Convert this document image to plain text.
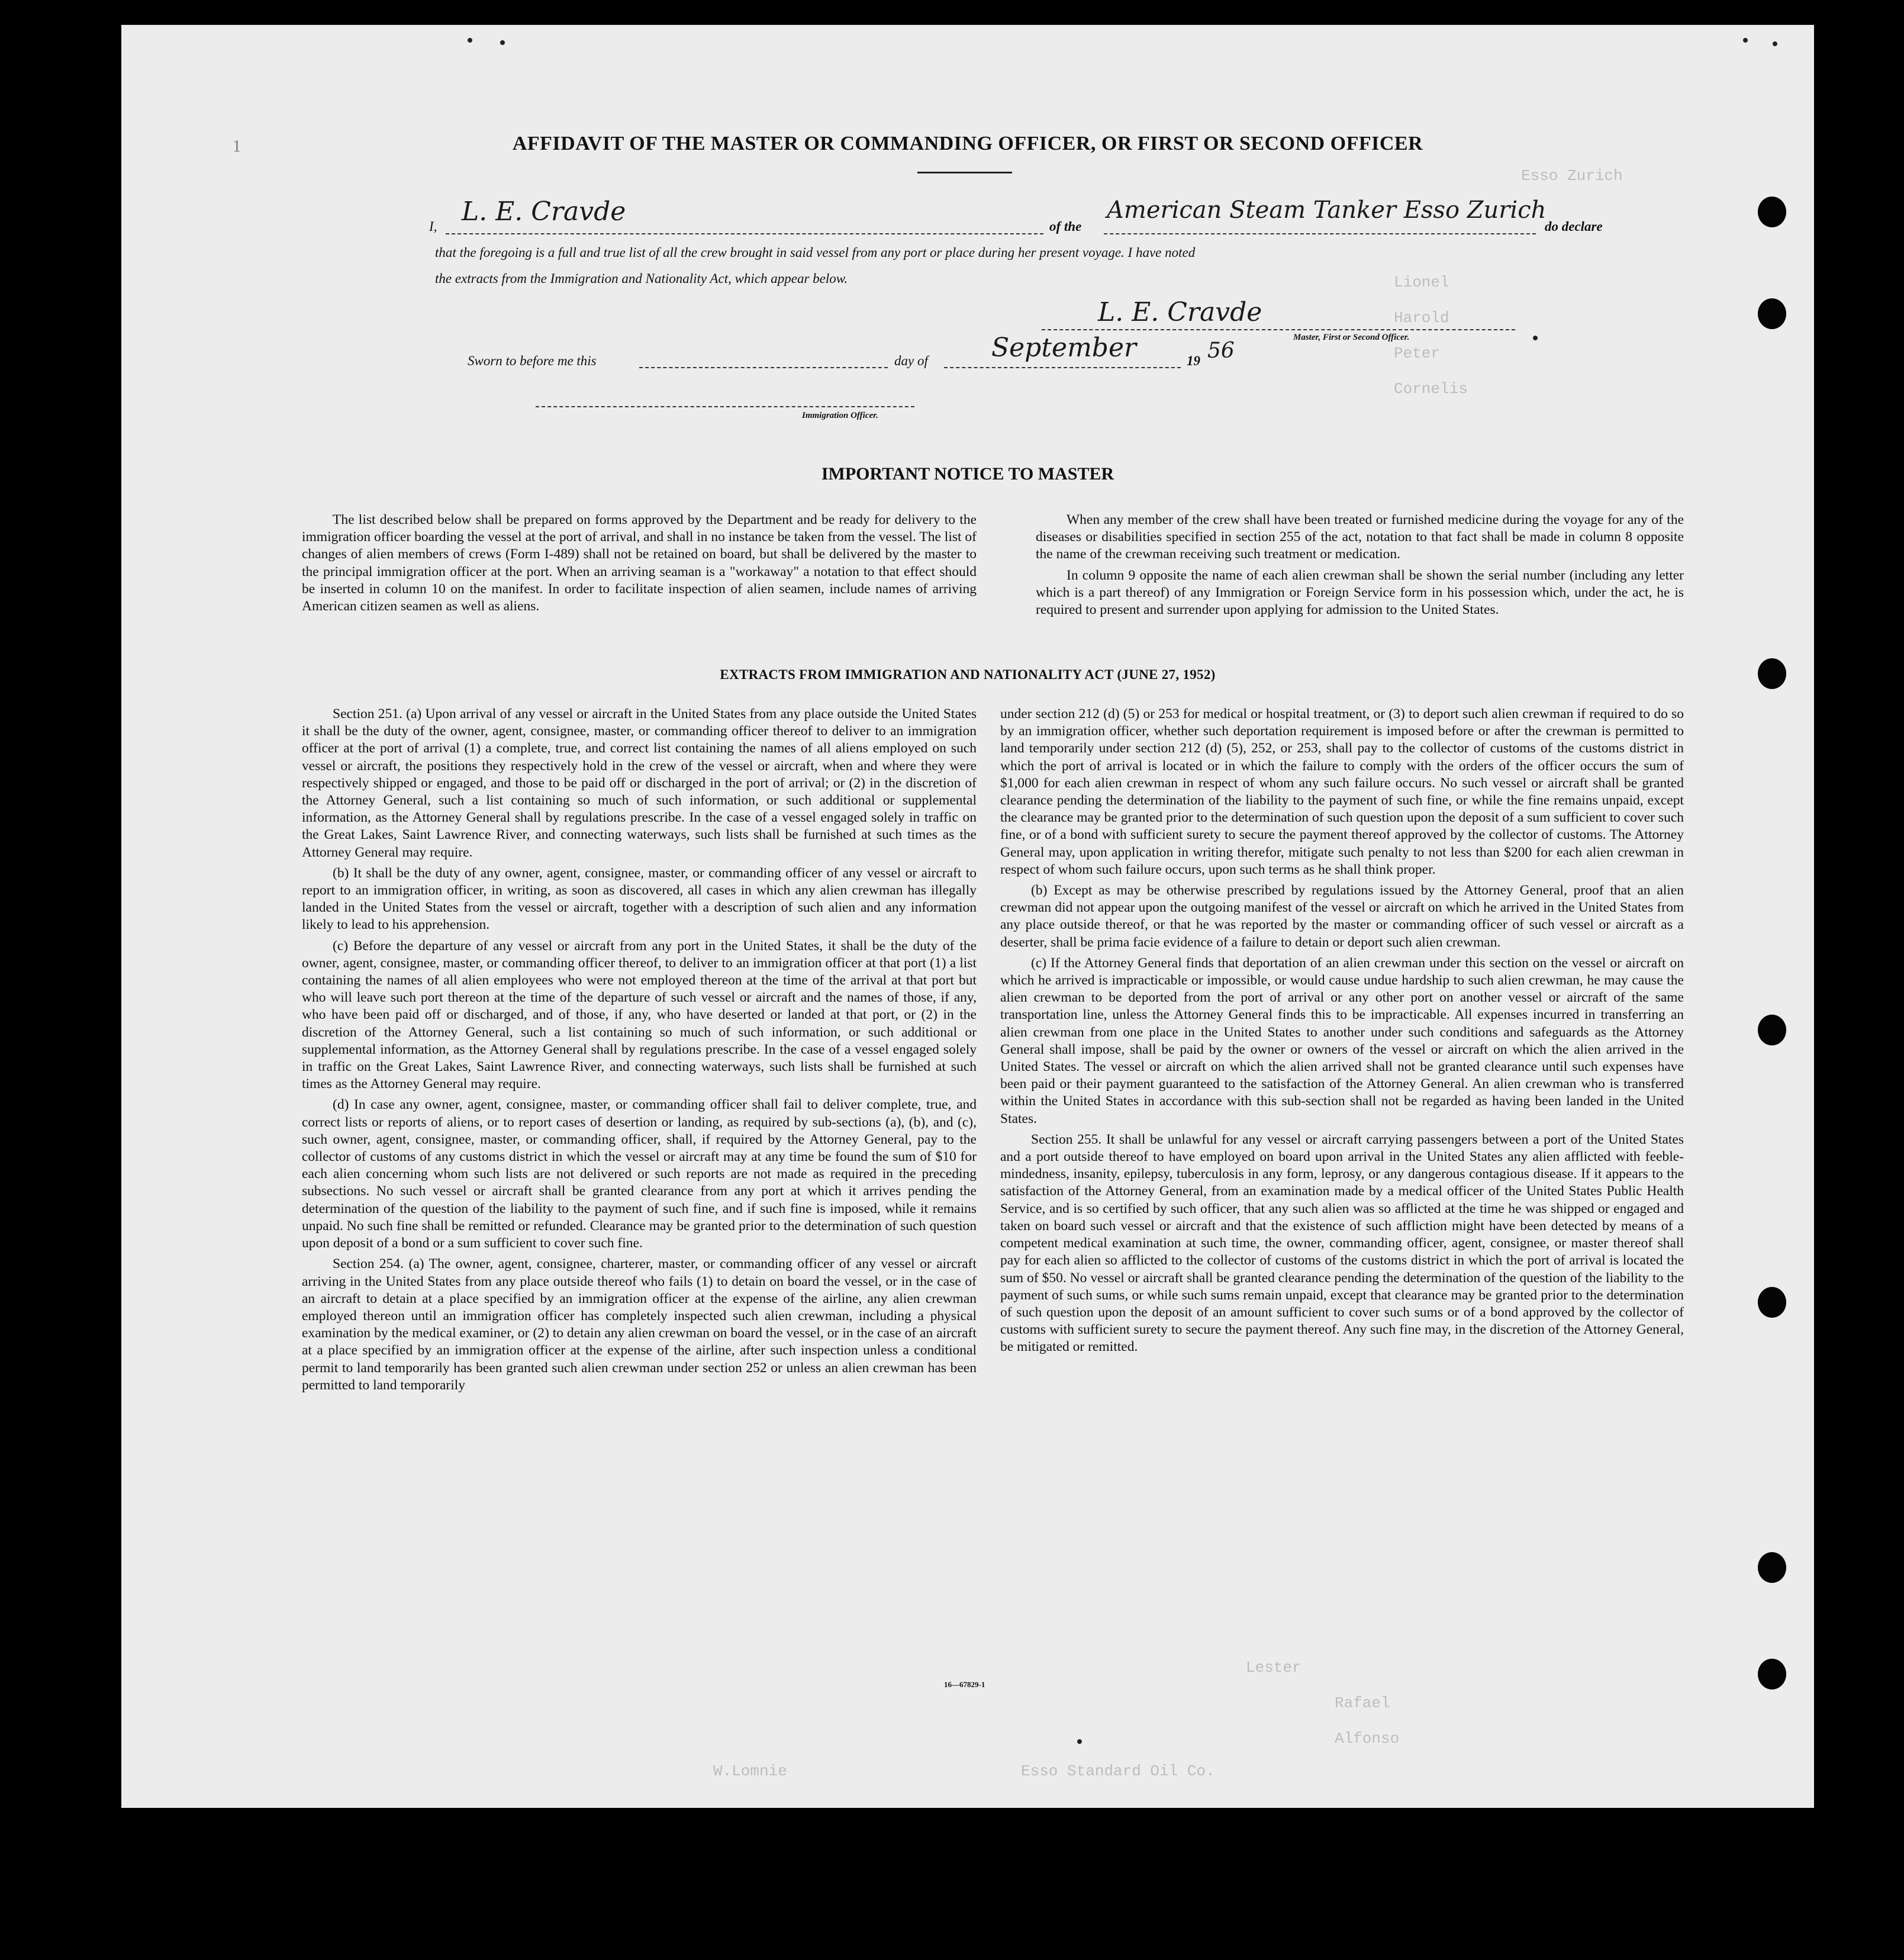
1
Esso Zurich
Lionel
Harold
Peter
Cornelis
Lester
Rafael
Alfonso
W.Lomnie	Esso Standard Oil Co.
AFFIDAVIT OF THE MASTER OR COMMANDING OFFICER, OR FIRST OR SECOND OFFICER
I, L. E. Cravde	of the
American Steam Tanker Esso Zurich
do declare
that the foregoing is a full and true list of all the crew brought in said vessel from any port or place during her present voyage. I have noted
the extracts from the Immigration and Nationality Act, which appear below.
L. E. Cravde
Master, First or Second Officer.
Sworn to before me this	day of September	19 56
Immigration Officer.
IMPORTANT NOTICE TO MASTER

The list described below shall be prepared on forms approved by the Department and be ready for delivery to the immigration officer boarding the vessel at the port of arrival, and shall in no instance be taken from the vessel. The list of changes of alien members of crews (Form I-489) shall not be retained on board, but shall be delivered by the master to the principal immigration officer at the port. When an arriving seaman is a "workaway" a notation to that effect should be inserted in column 10 on the manifest. In order to facilitate inspection of alien seamen, include names of arriving American citizen seamen as well as aliens.

When any member of the crew shall have been treated or furnished medicine during the voyage for any of the diseases or disabilities specified in section 255 of the act, notation to that fact shall be made in column 8 opposite the name of the crewman receiving such treatment or medication.

In column 9 opposite the name of each alien crewman shall be shown the serial number (including any letter which is a part thereof) of any Immigration or Foreign Service form in his possession which, under the act, he is required to present and surrender upon applying for admission to the United States.

EXTRACTS FROM IMMIGRATION AND NATIONALITY ACT (JUNE 27, 1952)

Section 251. (a) Upon arrival of any vessel or aircraft in the United States from any place outside the United States it shall be the duty of the owner, agent, consignee, master, or commanding officer thereof to deliver to an immigration officer at the port of arrival (1) a complete, true, and correct list containing the names of all aliens employed on such vessel or aircraft, the positions they respectively hold in the crew of the vessel or aircraft, when and where they were respectively shipped or engaged, and those to be paid off or discharged in the port of arrival; or (2) in the discretion of the Attorney General, such a list containing so much of such information, or such additional or supplemental information, as the Attorney General shall by regulations prescribe. In the case of a vessel engaged solely in traffic on the Great Lakes, Saint Lawrence River, and connecting waterways, such lists shall be furnished at such times as the Attorney General may require.

(b) It shall be the duty of any owner, agent, consignee, master, or commanding officer of any vessel or aircraft to report to an immigration officer, in writing, as soon as discovered, all cases in which any alien crewman has illegally landed in the United States from the vessel or aircraft, together with a description of such alien and any information likely to lead to his apprehension.

(c) Before the departure of any vessel or aircraft from any port in the United States, it shall be the duty of the owner, agent, consignee, master, or commanding officer thereof, to deliver to an immigration officer at that port (1) a list containing the names of all alien employees who were not employed thereon at the time of the arrival at that port but who will leave such port thereon at the time of the departure of such vessel or aircraft and the names of those, if any, who have been paid off or discharged, and of those, if any, who have deserted or landed at that port, or (2) in the discretion of the Attorney General, such a list containing so much of such information, or such additional or supplemental information, as the Attorney General shall by regulations prescribe. In the case of a vessel engaged solely in traffic on the Great Lakes, Saint Lawrence River, and connecting waterways, such lists shall be furnished at such times as the Attorney General may require.

(d) In case any owner, agent, consignee, master, or commanding officer shall fail to deliver complete, true, and correct lists or reports of aliens, or to report cases of desertion or landing, as required by sub-sections (a), (b), and (c), such owner, agent, consignee, master, or commanding officer, shall, if required by the Attorney General, pay to the collector of customs of any customs district in which the vessel or aircraft may at any time be found the sum of $10 for each alien concerning whom such lists are not delivered or such reports are not made as required in the preceding subsections. No such vessel or aircraft shall be granted clearance from any port at which it arrives pending the determination of the question of the liability to the payment of such fine, and if such fine is imposed, while it remains unpaid. No such fine shall be remitted or refunded. Clearance may be granted prior to the determination of such question upon deposit of a bond or a sum sufficient to cover such fine.

Section 254. (a) The owner, agent, consignee, charterer, master, or commanding officer of any vessel or aircraft arriving in the United States from any place outside thereof who fails (1) to detain on board the vessel, or in the case of an aircraft to detain at a place specified by an immigration officer at the expense of the airline, any alien crewman employed thereon until an immigration officer has completely inspected such alien crewman, including a physical examination by the medical examiner, or (2) to detain any alien crewman on board the vessel, or in the case of an aircraft at a place specified by an immigration officer at the expense of the airline, after such inspection unless a conditional permit to land temporarily has been granted such alien crewman under section 252 or unless an alien crewman has been permitted to land temporarily

under section 212 (d) (5) or 253 for medical or hospital treatment, or (3) to deport such alien crewman if required to do so by an immigration officer, whether such deportation requirement is imposed before or after the crewman is permitted to land temporarily under section 212 (d) (5), 252, or 253, shall pay to the collector of customs of the customs district in which the port of arrival is located or in which the failure to comply with the orders of the officer occurs the sum of $1,000 for each alien crewman in respect of whom any such failure occurs. No such vessel or aircraft shall be granted clearance pending the determination of the liability to the payment of such fine, or while the fine remains unpaid, except the clearance may be granted prior to the determination of such question upon the deposit of a sum sufficient to cover such fine, or of a bond with sufficient surety to secure the payment thereof approved by the collector of customs. The Attorney General may, upon application in writing therefor, mitigate such penalty to not less than $200 for each alien crewman in respect of whom such failure occurs, upon such terms as he shall think proper.

(b) Except as may be otherwise prescribed by regulations issued by the Attorney General, proof that an alien crewman did not appear upon the outgoing manifest of the vessel or aircraft on which he arrived in the United States from any place outside thereof, or that he was reported by the master or commanding officer of such vessel or aircraft as a deserter, shall be prima facie evidence of a failure to detain or deport such alien crewman.

(c) If the Attorney General finds that deportation of an alien crewman under this section on the vessel or aircraft on which he arrived is impracticable or impossible, or would cause undue hardship to such alien crewman, he may cause the alien crewman to be deported from the port of arrival or any other port on another vessel or aircraft of the same transportation line, unless the Attorney General finds this to be impracticable. All expenses incurred in transferring an alien crewman from one place in the United States to another under such conditions and safeguards as the Attorney General shall impose, shall be paid by the owner or owners of the vessel or aircraft on which the alien arrived in the United States. The vessel or aircraft on which the alien arrived shall not be granted clearance until such expenses have been paid or their payment guaranteed to the satisfaction of the Attorney General. An alien crewman who is transferred within the United States in accordance with this sub-section shall not be regarded as having been landed in the United States.

Section 255. It shall be unlawful for any vessel or aircraft carrying passengers between a port of the United States and a port outside thereof to have employed on board upon arrival in the United States any alien afflicted with feeble-mindedness, insanity, epilepsy, tuberculosis in any form, leprosy, or any dangerous contagious disease. If it appears to the satisfaction of the Attorney General, from an examination made by a medical officer of the United States Public Health Service, and is so certified by such officer, that any such alien was so afflicted at the time he was shipped or engaged and taken on board such vessel or aircraft and that the existence of such affliction might have been detected by means of a competent medical examination at such time, the owner, commanding officer, agent, consignee, or master thereof shall pay for each alien so afflicted to the collector of customs of the customs district in which the port of arrival is located the sum of $50. No vessel or aircraft shall be granted clearance pending the determination of the question of the liability to the payment of such sums, or while such sums remain unpaid, except that clearance may be granted prior to the determination of such question upon the deposit of an amount sufficient to cover such sums or of a bond approved by the collector of customs with sufficient surety to secure the payment thereof. Any such fine may, in the discretion of the Attorney General, be mitigated or remitted.

16—67829-1
